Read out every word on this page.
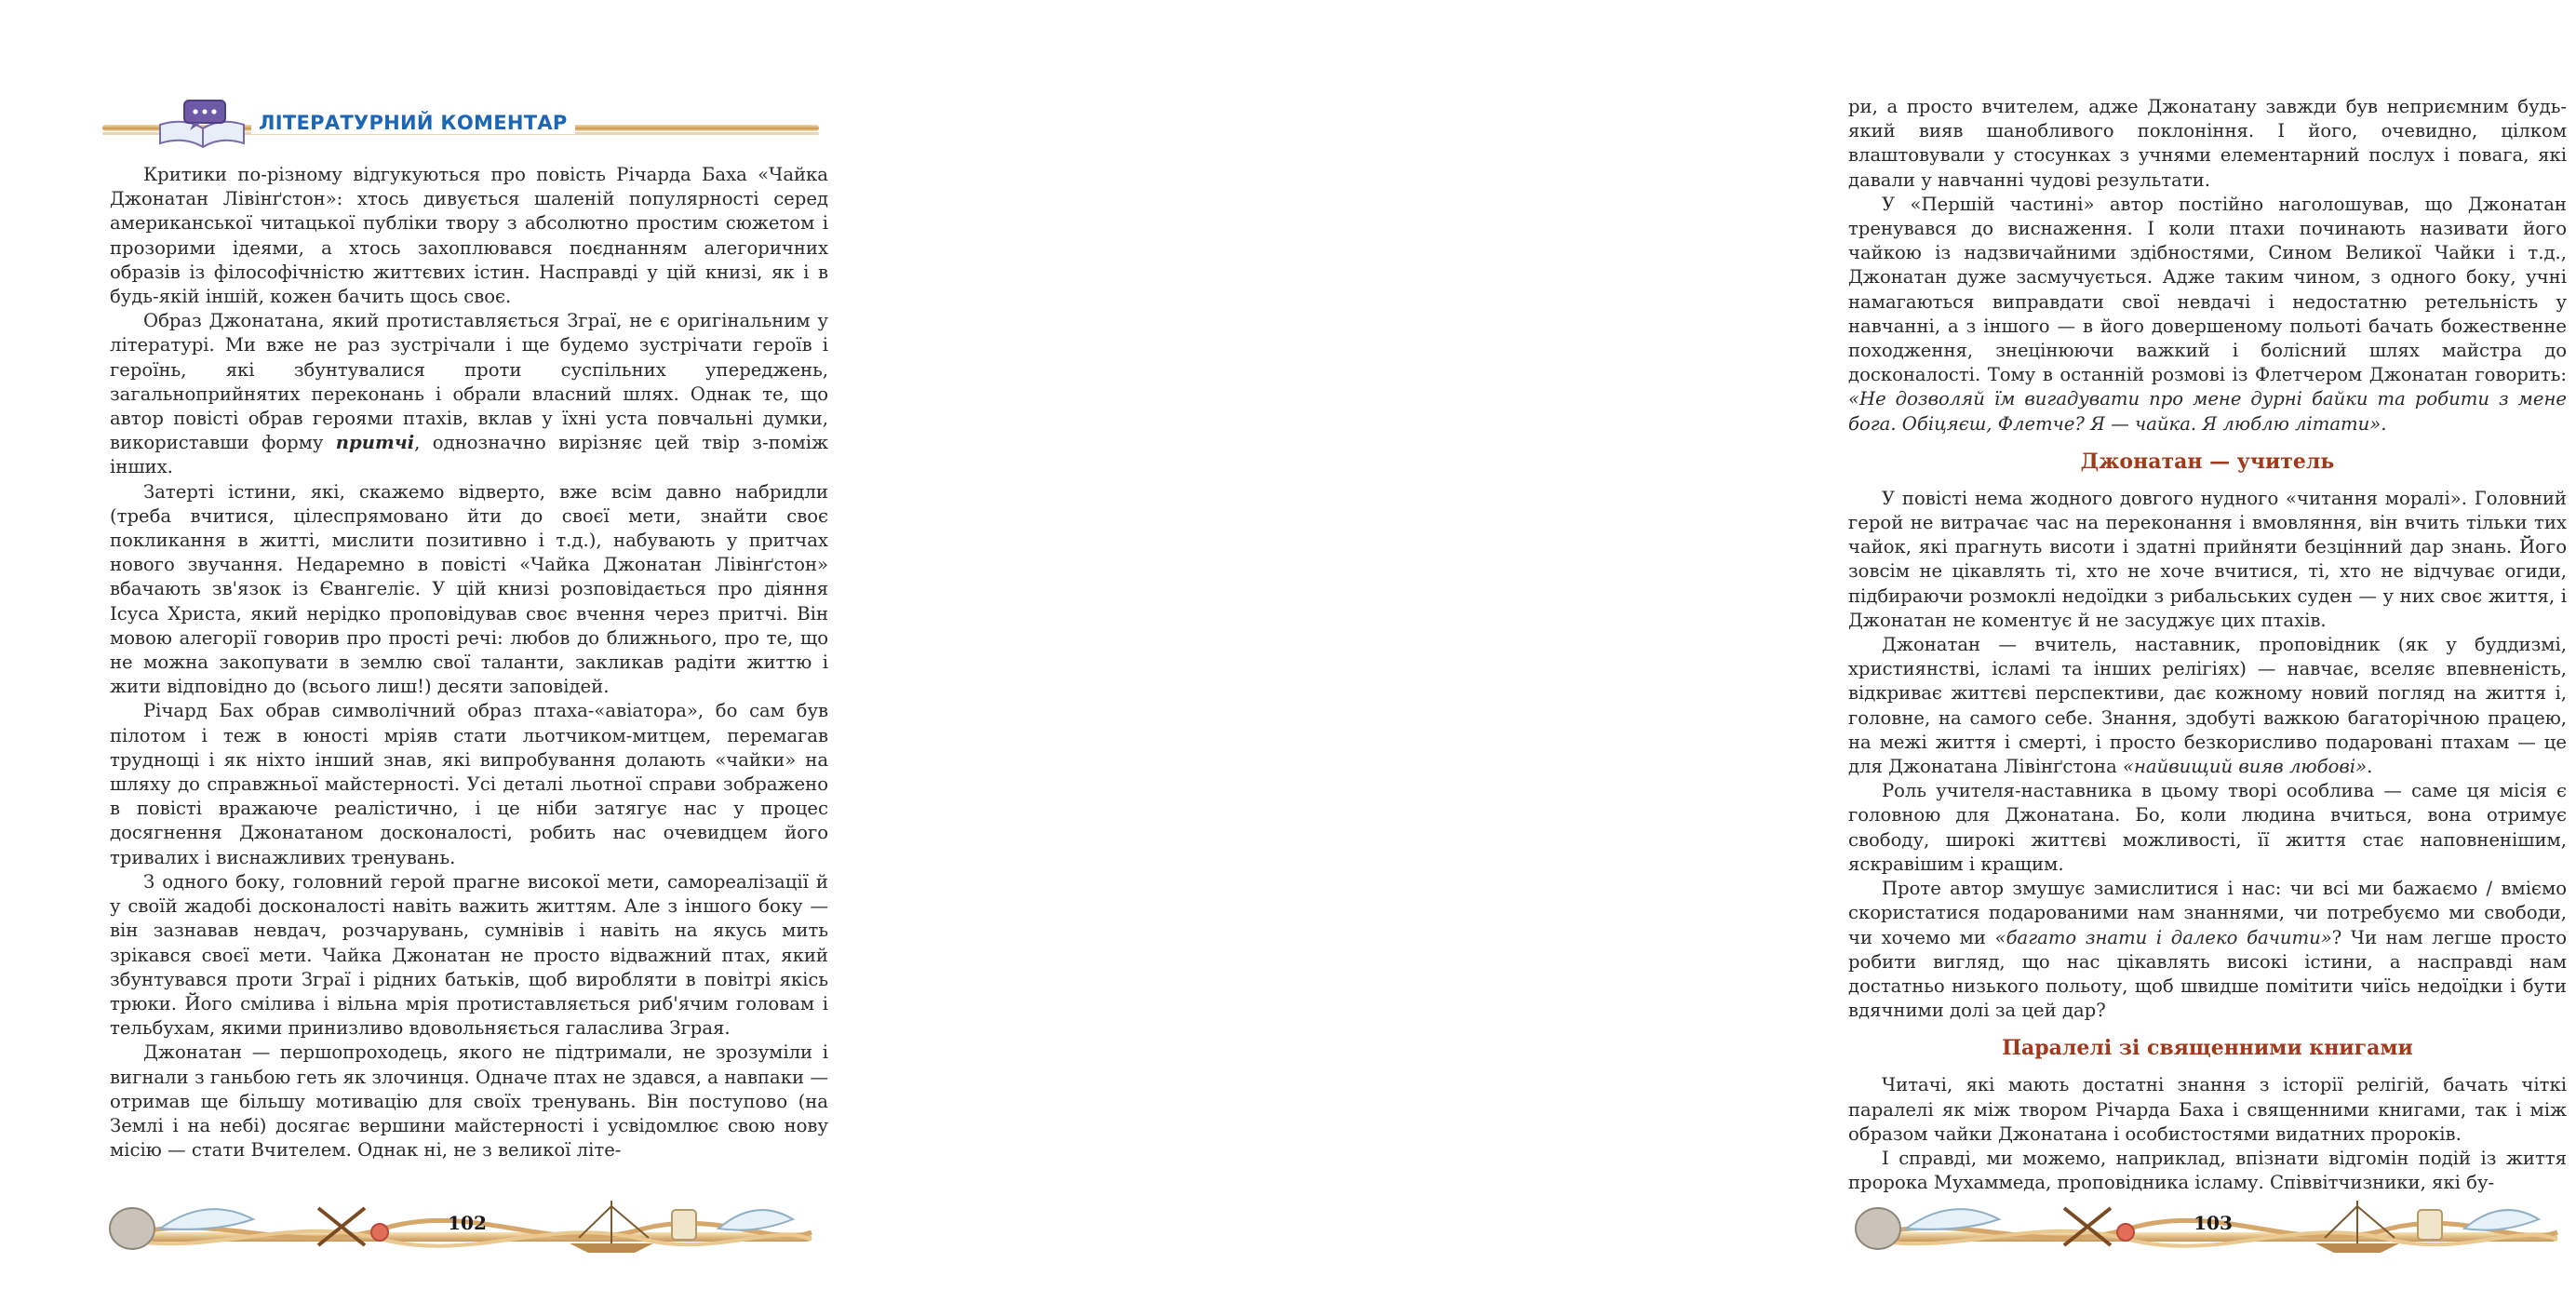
ЛІТЕРАТУРНИЙ КОМЕНТАР

Критики по-різному відгукуються про повість Річарда Баха «Чайка Джонатан Лівінґстон»: хтось дивується шаленій популярності серед американської читацької публіки твору з абсолютно простим сюжетом і прозорими ідеями, а хтось захоплювався поєднанням алегоричних образів із філософічністю життєвих істин. Насправді у цій книзі, як і в будь-якій іншій, кожен бачить щось своє.

Образ Джонатана, який протиставляється Зграї, не є оригінальним у літературі. Ми вже не раз зустрічали і ще будемо зустрічати героїв і героїнь, які збунтувалися проти суспільних упереджень, загальноприйнятих переконань і обрали власний шлях. Однак те, що автор повісті обрав героями птахів, вклав у їхні уста повчальні думки, використавши форму притчі, однозначно вирізняє цей твір з-поміж інших.

Затерті істини, які, скажемо відверто, вже всім давно набридли (треба вчитися, цілеспрямовано йти до своєї мети, знайти своє покликання в житті, мислити позитивно і т.д.), набувають у притчах нового звучання. Недаремно в повісті «Чайка Джонатан Лівінґстон» вбачають зв'язок із Євангеліє. У цій книзі розповідається про діяння Ісуса Христа, який нерідко проповідував своє вчення через притчі. Він мовою алегорії говорив про прості речі: любов до ближнього, про те, що не можна закопувати в землю свої таланти, закликав радіти життю і жити відповідно до (всього лиш!) десяти заповідей.

Річард Бах обрав символічний образ птаха-«авіатора», бо сам був пілотом і теж в юності мріяв стати льотчиком-митцем, перемагав труднощі і як ніхто інший знав, які випробування долають «чайки» на шляху до справжньої майстерності. Усі деталі льотної справи зображено в повісті вражаюче реалістично, і це ніби затягує нас у процес досягнення Джонатаном досконалості, робить нас очевидцем його тривалих і виснажливих тренувань.

З одного боку, головний герой прагне високої мети, самореалізації й у своїй жадобі досконалості навіть важить життям. Але з іншого боку — він зазнавав невдач, розчарувань, сумнівів і навіть на якусь мить зрікався своєї мети. Чайка Джонатан не просто відважний птах, який збунтувався проти Зграї і рідних батьків, щоб виробляти в повітрі якісь трюки. Його смілива і вільна мрія протиставляється риб'ячим головам і тельбухам, якими принизливо вдовольняється галаслива Зграя.

Джонатан — першопроходець, якого не підтримали, не зрозуміли і вигнали з ганьбою геть як злочинця. Одначе птах не здався, а навпаки — отримав ще більшу мотивацію для своїх тренувань. Він поступово (на Землі і на небі) досягає вершини майстерності і усвідомлює свою нову місію — стати Вчителем. Однак ні, не з великої літе-

102

ри, а просто вчителем, адже Джонатану завжди був неприємним будь-який вияв шанобливого поклоніння. І його, очевидно, цілком влаштовували у стосунках з учнями елементарний послух і повага, які давали у навчанні чудові результати.

У «Першій частині» автор постійно наголошував, що Джонатан тренувався до виснаження. І коли птахи починають називати його чайкою із надзвичайними здібностями, Сином Великої Чайки і т.д., Джонатан дуже засмучується. Адже таким чином, з одного боку, учні намагаються виправдати свої невдачі і недостатню ретельність у навчанні, а з іншого — в його довершеному польоті бачать божественне походження, знецінюючи важкий і болісний шлях майстра до досконалості. Тому в останній розмові із Флетчером Джонатан говорить: «Не дозволяй їм вигадувати про мене дурні байки та робити з мене бога. Обіцяєш, Флетче? Я — чайка. Я люблю літати».

Джонатан — учитель

У повісті нема жодного довгого нудного «читання моралі». Головний герой не витрачає час на переконання і вмовляння, він вчить тільки тих чайок, які прагнуть висоти і здатні прийняти безцінний дар знань. Його зовсім не цікавлять ті, хто не хоче вчитися, ті, хто не відчуває огиди, підбираючи розмоклі недоїдки з рибальських суден — у них своє життя, і Джонатан не коментує й не засуджує цих птахів.

Джонатан — вчитель, наставник, проповідник (як у буддизмі, християнстві, ісламі та інших релігіях) — навчає, вселяє впевненість, відкриває життєві перспективи, дає кожному новий погляд на життя і, головне, на самого себе. Знання, здобуті важкою багаторічною працею, на межі життя і смерті, і просто безкорисливо подаровані птахам — це для Джонатана Лівінґстона «найвищий вияв любові».

Роль учителя-наставника в цьому творі особлива — саме ця місія є головною для Джонатана. Бо, коли людина вчиться, вона отримує свободу, широкі життєві можливості, її життя стає наповненішим, яскравішим і кращим.

Проте автор змушує замислитися і нас: чи всі ми бажаємо / вміємо скористатися подарованими нам знаннями, чи потребуємо ми свободи, чи хочемо ми «багато знати і далеко бачити»? Чи нам легше просто робити вигляд, що нас цікавлять високі істини, а насправді нам достатньо низького польоту, щоб швидше помітити чиїсь недоїдки і бути вдячними долі за цей дар?

Паралелі зі священними книгами

Читачі, які мають достатні знання з історії релігій, бачать чіткі паралелі як між твором Річарда Баха і священними книгами, так і між образом чайки Джонатана і особистостями видатних пророків.

І справді, ми можемо, наприклад, впізнати відгомін подій із життя пророка Мухаммеда, проповідника ісламу. Співвітчизники, які бу-

103
